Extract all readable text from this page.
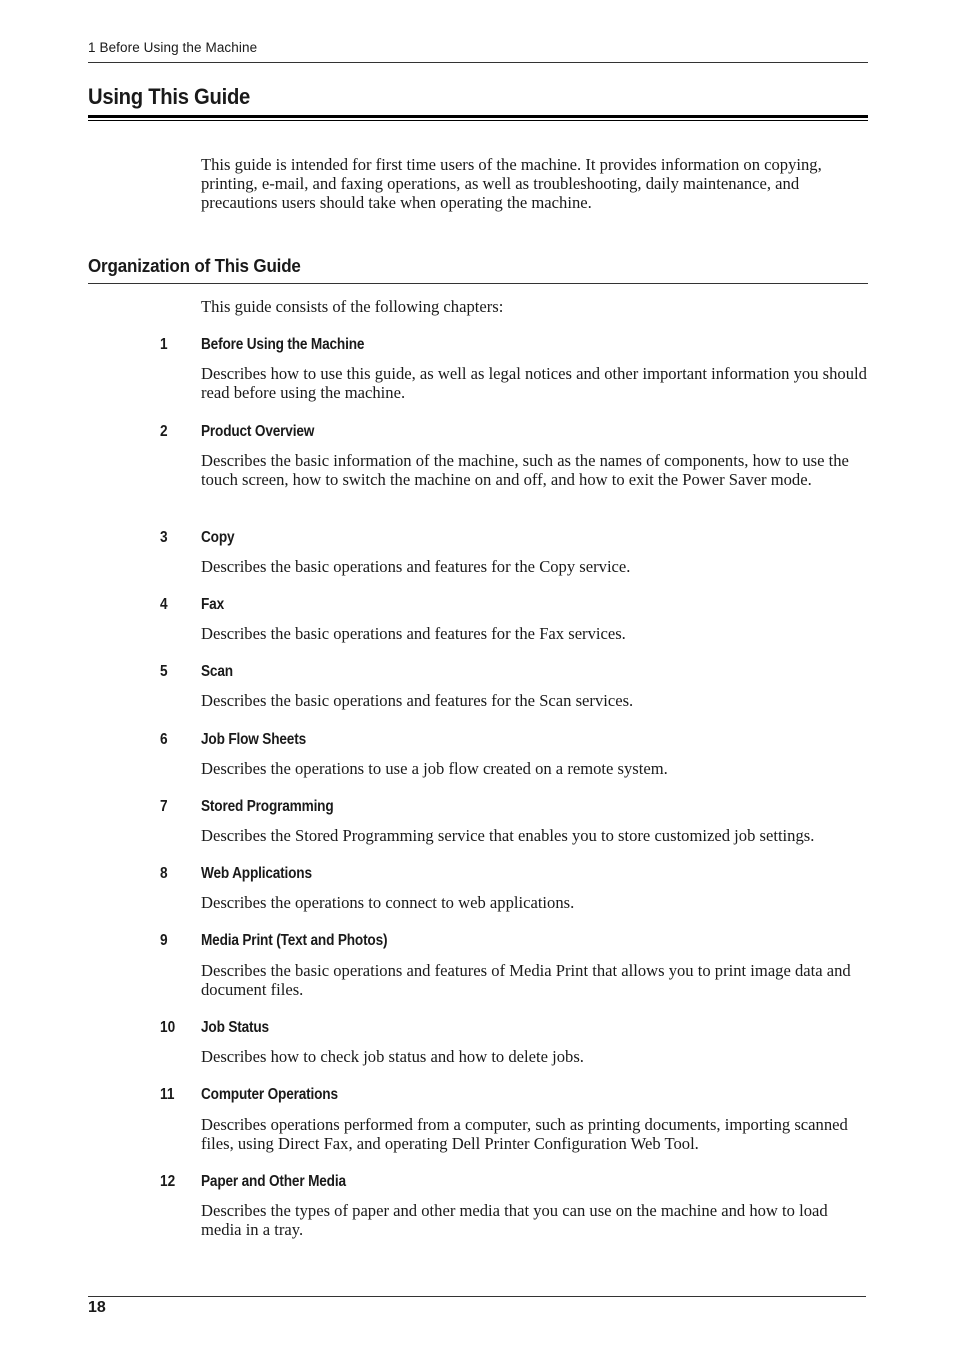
1 Before Using the Machine
Using This Guide
This guide is intended for first time users of the machine. It provides information on copying, printing, e-mail, and faxing operations, as well as troubleshooting, daily maintenance, and precautions users should take when operating the machine.
Organization of This Guide
This guide consists of the following chapters:
1 Before Using the Machine
Describes how to use this guide, as well as legal notices and other important information you should read before using the machine.
2 Product Overview
Describes the basic information of the machine, such as the names of components, how to use the touch screen, how to switch the machine on and off, and how to exit the Power Saver mode.
3 Copy
Describes the basic operations and features for the Copy service.
4 Fax
Describes the basic operations and features for the Fax services.
5 Scan
Describes the basic operations and features for the Scan services.
6 Job Flow Sheets
Describes the operations to use a job flow created on a remote system.
7 Stored Programming
Describes the Stored Programming service that enables you to store customized job settings.
8 Web Applications
Describes the operations to connect to web applications.
9 Media Print (Text and Photos)
Describes the basic operations and features of Media Print that allows you to print image data and document files.
10 Job Status
Describes how to check job status and how to delete jobs.
11 Computer Operations
Describes operations performed from a computer, such as printing documents, importing scanned files, using Direct Fax, and operating Dell Printer Configuration Web Tool.
12 Paper and Other Media
Describes the types of paper and other media that you can use on the machine and how to load media in a tray.
18
